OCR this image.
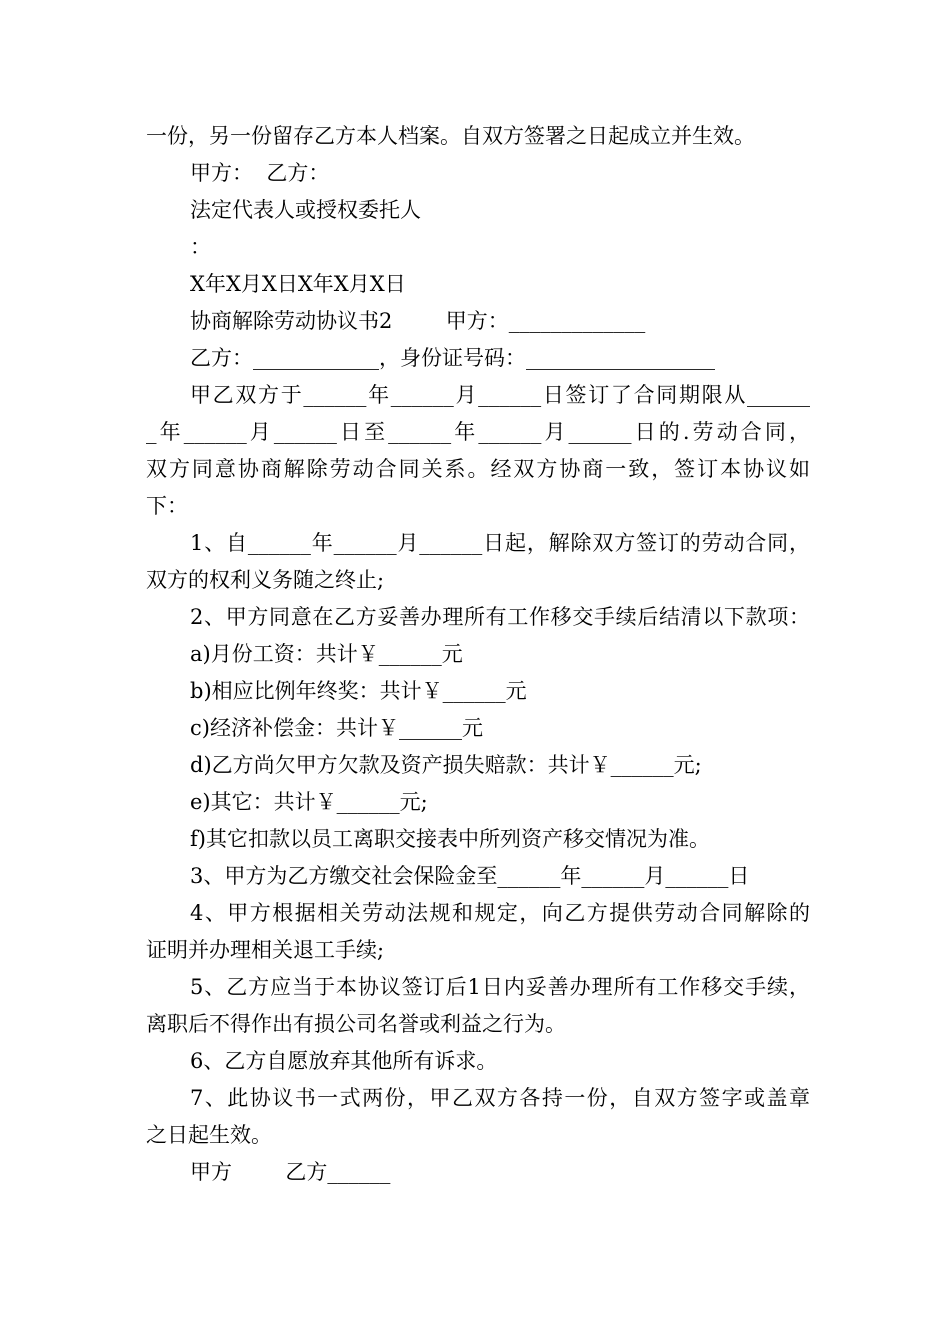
一份，另一份留存乙方本人档案。自双方签署之日起成立并生效。
甲方：  乙方：
法定代表人或授权委托人
：
X年X月X日X年X月X日
协商解除劳动协议书2        甲方：_____________
乙方：____________，身份证号码：__________________
甲乙双方于______年______月______日签订了合同期限从______
_年______月______日至______年______月______日的.劳动合同，
双方同意协商解除劳动合同关系。经双方协商一致，签订本协议如
下：
1、自______年______月______日起，解除双方签订的劳动合同，
双方的权利义务随之终止;
2、甲方同意在乙方妥善办理所有工作移交手续后结清以下款项：
a)月份工资：共计￥______元
b)相应比例年终奖：共计￥______元
c)经济补偿金：共计￥______元
d)乙方尚欠甲方欠款及资产损失赔款：共计￥______元;
e)其它：共计￥______元;
f)其它扣款以员工离职交接表中所列资产移交情况为准。
3、甲方为乙方缴交社会保险金至______年______月______日
4、甲方根据相关劳动法规和规定，向乙方提供劳动合同解除的
证明并办理相关退工手续;
5、乙方应当于本协议签订后1日内妥善办理所有工作移交手续，
离职后不得作出有损公司名誉或利益之行为。
6、乙方自愿放弃其他所有诉求。
7、此协议书一式两份，甲乙双方各持一份，自双方签字或盖章
之日起生效。
甲方        乙方______
